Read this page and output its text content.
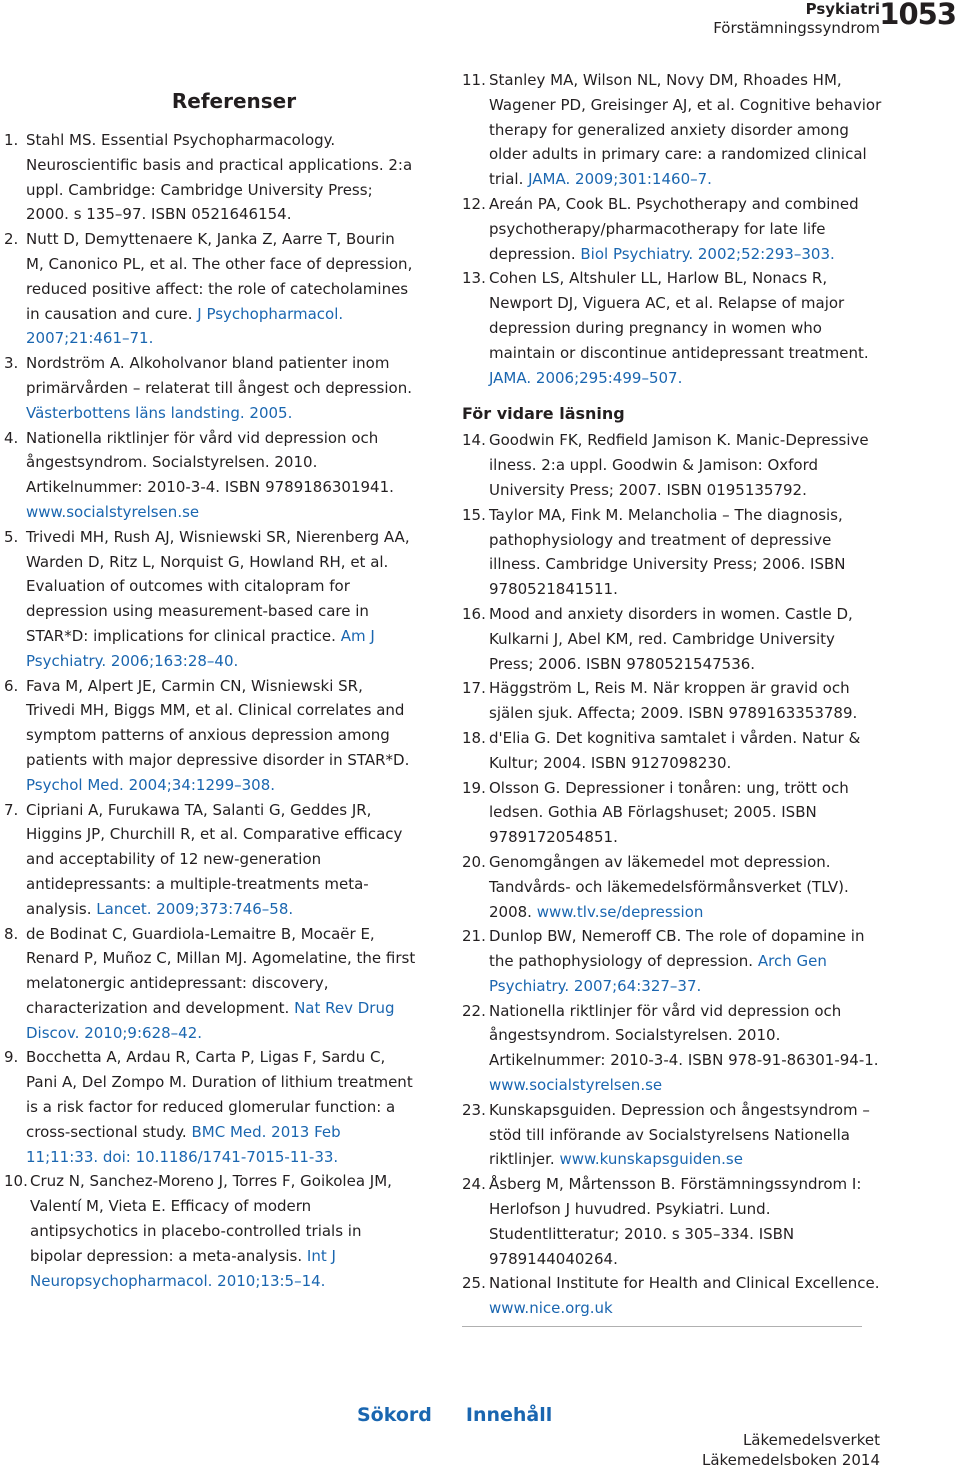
Psykiatri
Förstämningssyndrom 1053
Referenser

1. Stahl MS. Essential Psychopharmacology. Neuroscientific basis and practical applications. 2:a uppl. Cambridge: Cambridge University Press; 2000. s 135–97. ISBN 0521646154.

2. Nutt D, Demyttenaere K, Janka Z, Aarre T, Bourin M, Canonico PL, et al. The other face of depression, reduced positive affect: the role of catecholamines in causation and cure. J Psychopharmacol. 2007;21:461–71.

3. Nordström A. Alkoholvanor bland patienter inom primärvården – relaterat till ångest och depression. Västerbottens läns landsting. 2005.

4. Nationella riktlinjer för vård vid depression och ångestsyndrom. Socialstyrelsen. 2010. Artikelnummer: 2010-3-4. ISBN 9789186301941. www.socialstyrelsen.se

5. Trivedi MH, Rush AJ, Wisniewski SR, Nierenberg AA, Warden D, Ritz L, Norquist G, Howland RH, et al. Evaluation of outcomes with citalopram for depression using measurement-based care in STAR*D: implications for clinical practice. Am J Psychiatry. 2006;163:28–40.

6. Fava M, Alpert JE, Carmin CN, Wisniewski SR, Trivedi MH, Biggs MM, et al. Clinical correlates and symptom patterns of anxious depression among patients with major depressive disorder in STAR*D. Psychol Med. 2004;34:1299–308.

7. Cipriani A, Furukawa TA, Salanti G, Geddes JR, Higgins JP, Churchill R, et al. Comparative efficacy and acceptability of 12 new-generation antidepressants: a multiple-treatments meta-analysis. Lancet. 2009;373:746–58.

8. de Bodinat C, Guardiola-Lemaitre B, Mocaër E, Renard P, Muñoz C, Millan MJ. Agomelatine, the first melatonergic antidepressant: discovery, characterization and development. Nat Rev Drug Discov. 2010;9:628–42.

9. Bocchetta A, Ardau R, Carta P, Ligas F, Sardu C, Pani A, Del Zompo M. Duration of lithium treatment is a risk factor for reduced glomerular function: a cross-sectional study. BMC Med. 2013 Feb 11;11:33. doi: 10.1186/1741-7015-11-33.

10. Cruz N, Sanchez-Moreno J, Torres F, Goikolea JM, Valentí M, Vieta E. Efficacy of modern antipsychotics in placebo-controlled trials in bipolar depression: a meta-analysis. Int J Neuropsychopharmacol. 2010;13:5–14.

11. Stanley MA, Wilson NL, Novy DM, Rhoades HM, Wagener PD, Greisinger AJ, et al. Cognitive behavior therapy for generalized anxiety disorder among older adults in primary care: a randomized clinical trial. JAMA. 2009;301:1460–7.

12. Areán PA, Cook BL. Psychotherapy and combined psychotherapy/pharmacotherapy for late life depression. Biol Psychiatry. 2002;52:293–303.

13. Cohen LS, Altshuler LL, Harlow BL, Nonacs R, Newport DJ, Viguera AC, et al. Relapse of major depression during pregnancy in women who maintain or discontinue antidepressant treatment. JAMA. 2006;295:499–507.

För vidare läsning

14. Goodwin FK, Redfield Jamison K. Manic-Depressive ilness. 2:a uppl. Goodwin & Jamison: Oxford University Press; 2007. ISBN 0195135792.

15. Taylor MA, Fink M. Melancholia – The diagnosis, pathophysiology and treatment of depressive illness. Cambridge University Press; 2006. ISBN 9780521841511.

16. Mood and anxiety disorders in women. Castle D, Kulkarni J, Abel KM, red. Cambridge University Press; 2006. ISBN 9780521547536.

17. Häggström L, Reis M. När kroppen är gravid och själen sjuk. Affecta; 2009. ISBN 9789163353789.

18. d'Elia G. Det kognitiva samtalet i vården. Natur & Kultur; 2004. ISBN 9127098230.

19. Olsson G. Depressioner i tonåren: ung, trött och ledsen. Gothia AB Förlagshuset; 2005. ISBN 9789172054851.

20. Genomgången av läkemedel mot depression. Tandvårds- och läkemedelsförmånsverket (TLV). 2008. www.tlv.se/depression

21. Dunlop BW, Nemeroff CB. The role of dopamine in the pathophysiology of depression. Arch Gen Psychiatry. 2007;64:327–37.

22. Nationella riktlinjer för vård vid depression och ångestsyndrom. Socialstyrelsen. 2010. Artikelnummer: 2010-3-4. ISBN 978-91-86301-94-1. www.socialstyrelsen.se

23. Kunskapsguiden. Depression och ångestsyndrom – stöd till införande av Socialstyrelsens Nationella riktlinjer. www.kunskapsguiden.se

24. Åsberg M, Mårtensson B. Förstämningssyndrom I: Herlofson J huvudred. Psykiatri. Lund. Studentlitteratur; 2010. s 305–334. ISBN 9789144040264.

25. National Institute for Health and Clinical Excellence. www.nice.org.uk

Sökord Innehåll
Läkemedelsverket
Läkemedelsboken 2014
